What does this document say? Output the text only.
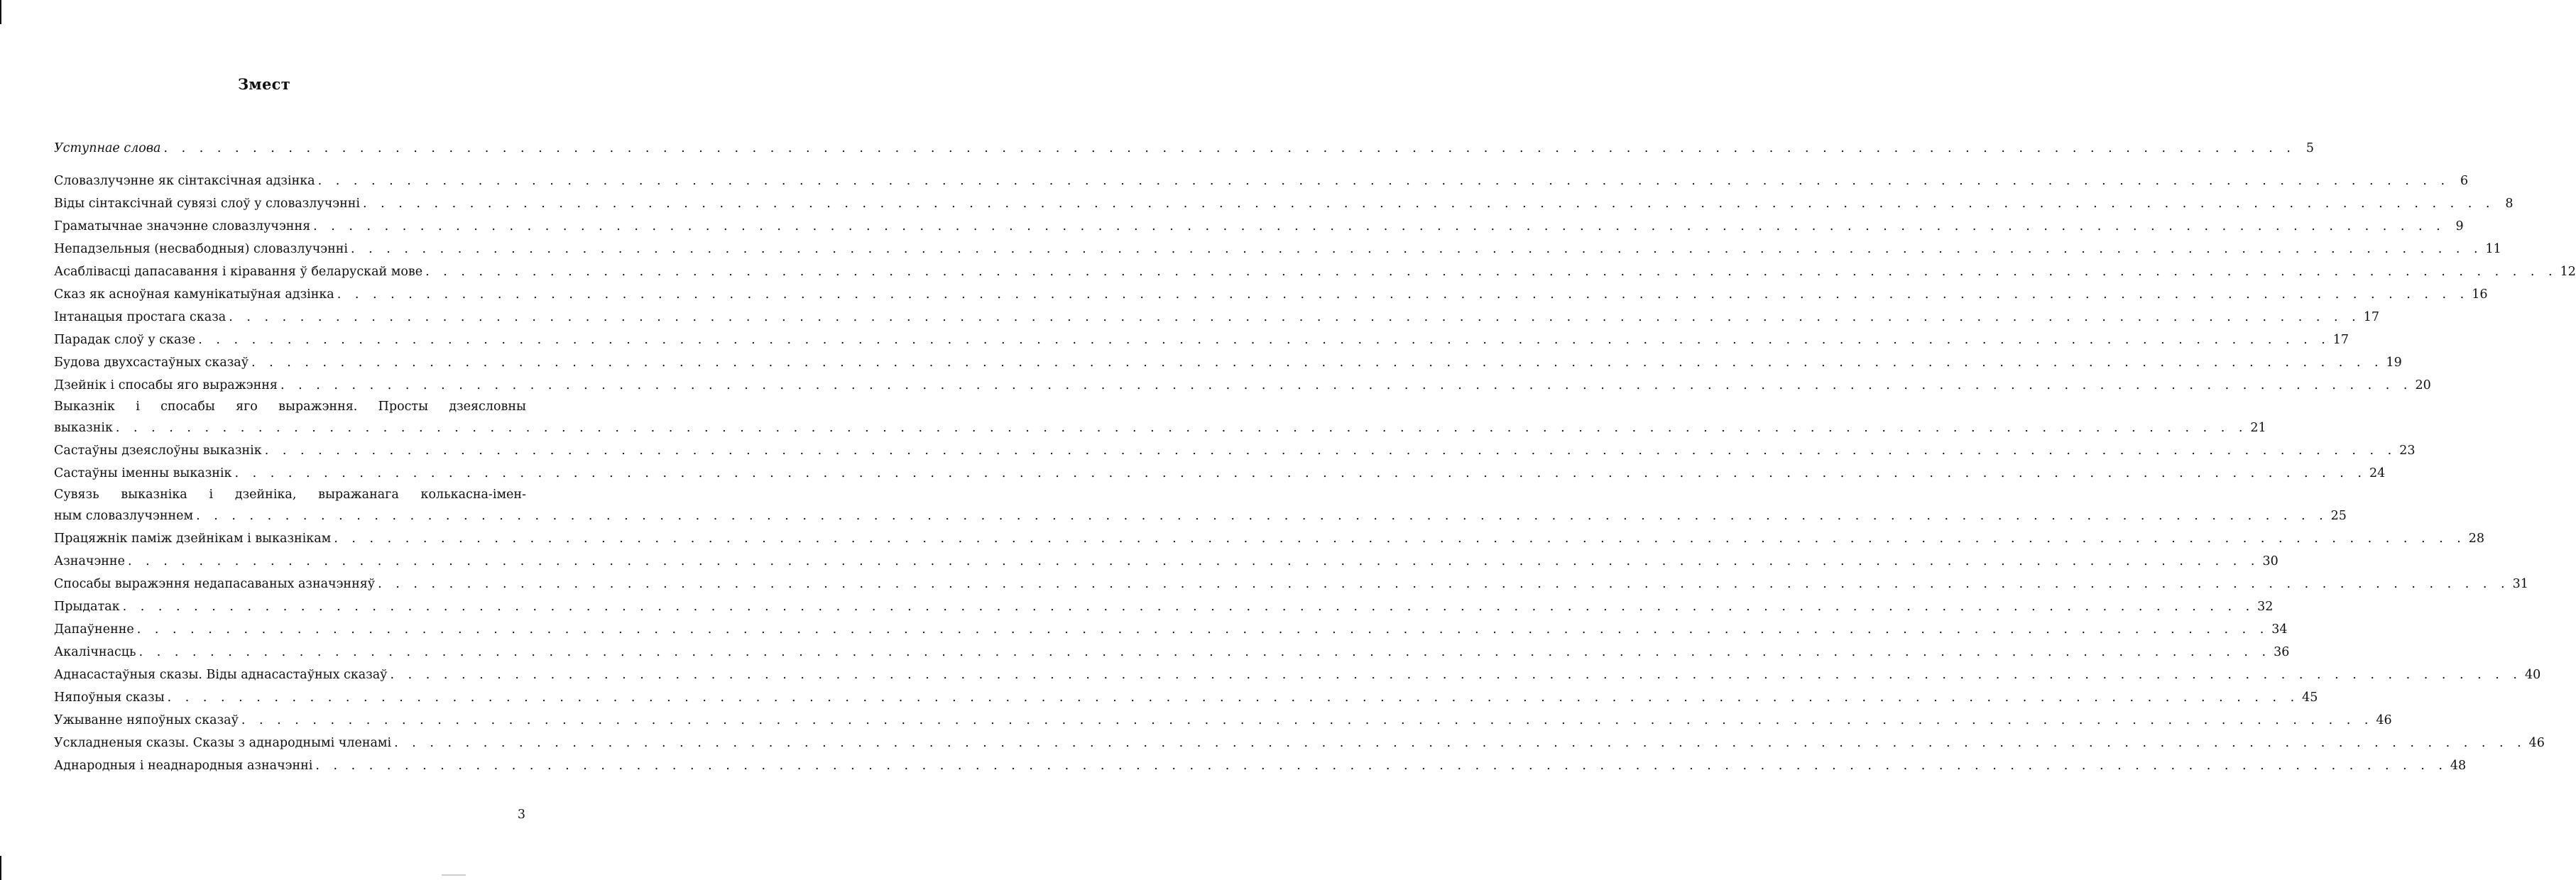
Змест
Уступнае слова . . . . . . . . . . . . . . . . . . . . . . . . . . . . . . . . . . . . . . . . . . . . . . . . . . . . . . . . . . . . . . . . . . . . . . . . . . . . . . . . . . . . . . . . . . . . . . . . . . . . . . . . . . . . . . . . . . . . . . . . 5
Словазлучэнне як сінтаксічная адзінка . . . . . . . . . . . . . . . . . . . . . . . . . . . . . . . . . . . . . . . . . . . . . . . . . . . . . . . . . . . . . . . . . . . . . . . . . . . . . . . . . . . . . . . . . . . . . . . . . . . . . . . . . . . . . . . . . . . . . . . . 6
Віды сінтаксічнай сувязі слоў у словазлучэнні . . . . . . . . . . . . . . . . . . . . . . . . . . . . . . . . . . . . . . . . . . . . . . . . . . . . . . . . . . . . . . . . . . . . . . . . . . . . . . . . . . . . . . . . . . . . . . . . . . . . . . . . . . . . . . . . . . . . . . . . 8
Граматычнае значэнне словазлучэння . . . . . . . . . . . . . . . . . . . . . . . . . . . . . . . . . . . . . . . . . . . . . . . . . . . . . . . . . . . . . . . . . . . . . . . . . . . . . . . . . . . . . . . . . . . . . . . . . . . . . . . . . . . . . . . . . . . . . . . . 9
Непадзельныя (несвабодныя) словазлучэнні . . . . . . . . . . . . . . . . . . . . . . . . . . . . . . . . . . . . . . . . . . . . . . . . . . . . . . . . . . . . . . . . . . . . . . . . . . . . . . . . . . . . . . . . . . . . . . . . . . . . . . . . . . . . . . . . . . . . . . . . 11
Асаблівасці дапасавання і кіравання ў беларускай мове . . . . . . . . . . . . . . . . . . . . . . . . . . . . . . . . . . . . . . . . . . . . . . . . . . . . . . . . . . . . . . . . . . . . . . . . . . . . . . . . . . . . . . . . . . . . . . . . . . . . . . . . . . . . . . . . . . . . . . . . 12
Сказ як асноўная камунікатыўная адзінка . . . . . . . . . . . . . . . . . . . . . . . . . . . . . . . . . . . . . . . . . . . . . . . . . . . . . . . . . . . . . . . . . . . . . . . . . . . . . . . . . . . . . . . . . . . . . . . . . . . . . . . . . . . . . . . . . . . . . . . . 16
Інтанацыя простага сказа . . . . . . . . . . . . . . . . . . . . . . . . . . . . . . . . . . . . . . . . . . . . . . . . . . . . . . . . . . . . . . . . . . . . . . . . . . . . . . . . . . . . . . . . . . . . . . . . . . . . . . . . . . . . . . . . . . . . . . . . 17
Парадак слоў у сказе . . . . . . . . . . . . . . . . . . . . . . . . . . . . . . . . . . . . . . . . . . . . . . . . . . . . . . . . . . . . . . . . . . . . . . . . . . . . . . . . . . . . . . . . . . . . . . . . . . . . . . . . . . . . . . . . . . . . . . . . 17
Будова двухсастаўных сказаў . . . . . . . . . . . . . . . . . . . . . . . . . . . . . . . . . . . . . . . . . . . . . . . . . . . . . . . . . . . . . . . . . . . . . . . . . . . . . . . . . . . . . . . . . . . . . . . . . . . . . . . . . . . . . . . . . . . . . . . . 19
Дзейнік і спосабы яго выражэння . . . . . . . . . . . . . . . . . . . . . . . . . . . . . . . . . . . . . . . . . . . . . . . . . . . . . . . . . . . . . . . . . . . . . . . . . . . . . . . . . . . . . . . . . . . . . . . . . . . . . . . . . . . . . . . . . . . . . . . . 20
Выказнік і спосабы яго выражэння. Просты дзеясловны
выказнік . . . . . . . . . . . . . . . . . . . . . . . . . . . . . . . . . . . . . . . . . . . . . . . . . . . . . . . . . . . . . . . . . . . . . . . . . . . . . . . . . . . . . . . . . . . . . . . . . . . . . . . . . . . . . . . . . . . . . . . . 21
Састаўны дзеяслоўны выказнік . . . . . . . . . . . . . . . . . . . . . . . . . . . . . . . . . . . . . . . . . . . . . . . . . . . . . . . . . . . . . . . . . . . . . . . . . . . . . . . . . . . . . . . . . . . . . . . . . . . . . . . . . . . . . . . . . . . . . . . . 23
Састаўны іменны выказнік . . . . . . . . . . . . . . . . . . . . . . . . . . . . . . . . . . . . . . . . . . . . . . . . . . . . . . . . . . . . . . . . . . . . . . . . . . . . . . . . . . . . . . . . . . . . . . . . . . . . . . . . . . . . . . . . . . . . . . . . 24
Сувязь выказніка і дзейніка, выражанага колькасна-імен-
ным словазлучэннем . . . . . . . . . . . . . . . . . . . . . . . . . . . . . . . . . . . . . . . . . . . . . . . . . . . . . . . . . . . . . . . . . . . . . . . . . . . . . . . . . . . . . . . . . . . . . . . . . . . . . . . . . . . . . . . . . . . . . . . . 25
Працяжнік паміж дзейнікам і выказнікам . . . . . . . . . . . . . . . . . . . . . . . . . . . . . . . . . . . . . . . . . . . . . . . . . . . . . . . . . . . . . . . . . . . . . . . . . . . . . . . . . . . . . . . . . . . . . . . . . . . . . . . . . . . . . . . . . . . . . . . . 28
Азначэнне . . . . . . . . . . . . . . . . . . . . . . . . . . . . . . . . . . . . . . . . . . . . . . . . . . . . . . . . . . . . . . . . . . . . . . . . . . . . . . . . . . . . . . . . . . . . . . . . . . . . . . . . . . . . . . . . . . . . . . . . 30
Спосабы выражэння недапасаваных азначэнняў . . . . . . . . . . . . . . . . . . . . . . . . . . . . . . . . . . . . . . . . . . . . . . . . . . . . . . . . . . . . . . . . . . . . . . . . . . . . . . . . . . . . . . . . . . . . . . . . . . . . . . . . . . . . . . . . . . . . . . . . 31
Прыдатак . . . . . . . . . . . . . . . . . . . . . . . . . . . . . . . . . . . . . . . . . . . . . . . . . . . . . . . . . . . . . . . . . . . . . . . . . . . . . . . . . . . . . . . . . . . . . . . . . . . . . . . . . . . . . . . . . . . . . . . . 32
Дапаўненне . . . . . . . . . . . . . . . . . . . . . . . . . . . . . . . . . . . . . . . . . . . . . . . . . . . . . . . . . . . . . . . . . . . . . . . . . . . . . . . . . . . . . . . . . . . . . . . . . . . . . . . . . . . . . . . . . . . . . . . . 34
Акалічнасць . . . . . . . . . . . . . . . . . . . . . . . . . . . . . . . . . . . . . . . . . . . . . . . . . . . . . . . . . . . . . . . . . . . . . . . . . . . . . . . . . . . . . . . . . . . . . . . . . . . . . . . . . . . . . . . . . . . . . . . . 36
Аднасастаўныя сказы. Віды аднасастаўных сказаў . . . . . . . . . . . . . . . . . . . . . . . . . . . . . . . . . . . . . . . . . . . . . . . . . . . . . . . . . . . . . . . . . . . . . . . . . . . . . . . . . . . . . . . . . . . . . . . . . . . . . . . . . . . . . . . . . . . . . . . . 40
Няпоўныя сказы . . . . . . . . . . . . . . . . . . . . . . . . . . . . . . . . . . . . . . . . . . . . . . . . . . . . . . . . . . . . . . . . . . . . . . . . . . . . . . . . . . . . . . . . . . . . . . . . . . . . . . . . . . . . . . . . . . . . . . . . 45
Ужыванне няпоўных сказаў . . . . . . . . . . . . . . . . . . . . . . . . . . . . . . . . . . . . . . . . . . . . . . . . . . . . . . . . . . . . . . . . . . . . . . . . . . . . . . . . . . . . . . . . . . . . . . . . . . . . . . . . . . . . . . . . . . . . . . . . 46
Ускладненыя сказы. Сказы з аднароднымі членамі . . . . . . . . . . . . . . . . . . . . . . . . . . . . . . . . . . . . . . . . . . . . . . . . . . . . . . . . . . . . . . . . . . . . . . . . . . . . . . . . . . . . . . . . . . . . . . . . . . . . . . . . . . . . . . . . . . . . . . . . 46
Аднародныя і неаднародныя азначэнні . . . . . . . . . . . . . . . . . . . . . . . . . . . . . . . . . . . . . . . . . . . . . . . . . . . . . . . . . . . . . . . . . . . . . . . . . . . . . . . . . . . . . . . . . . . . . . . . . . . . . . . . . . . . . . . . . . . . . . . . 48
3
